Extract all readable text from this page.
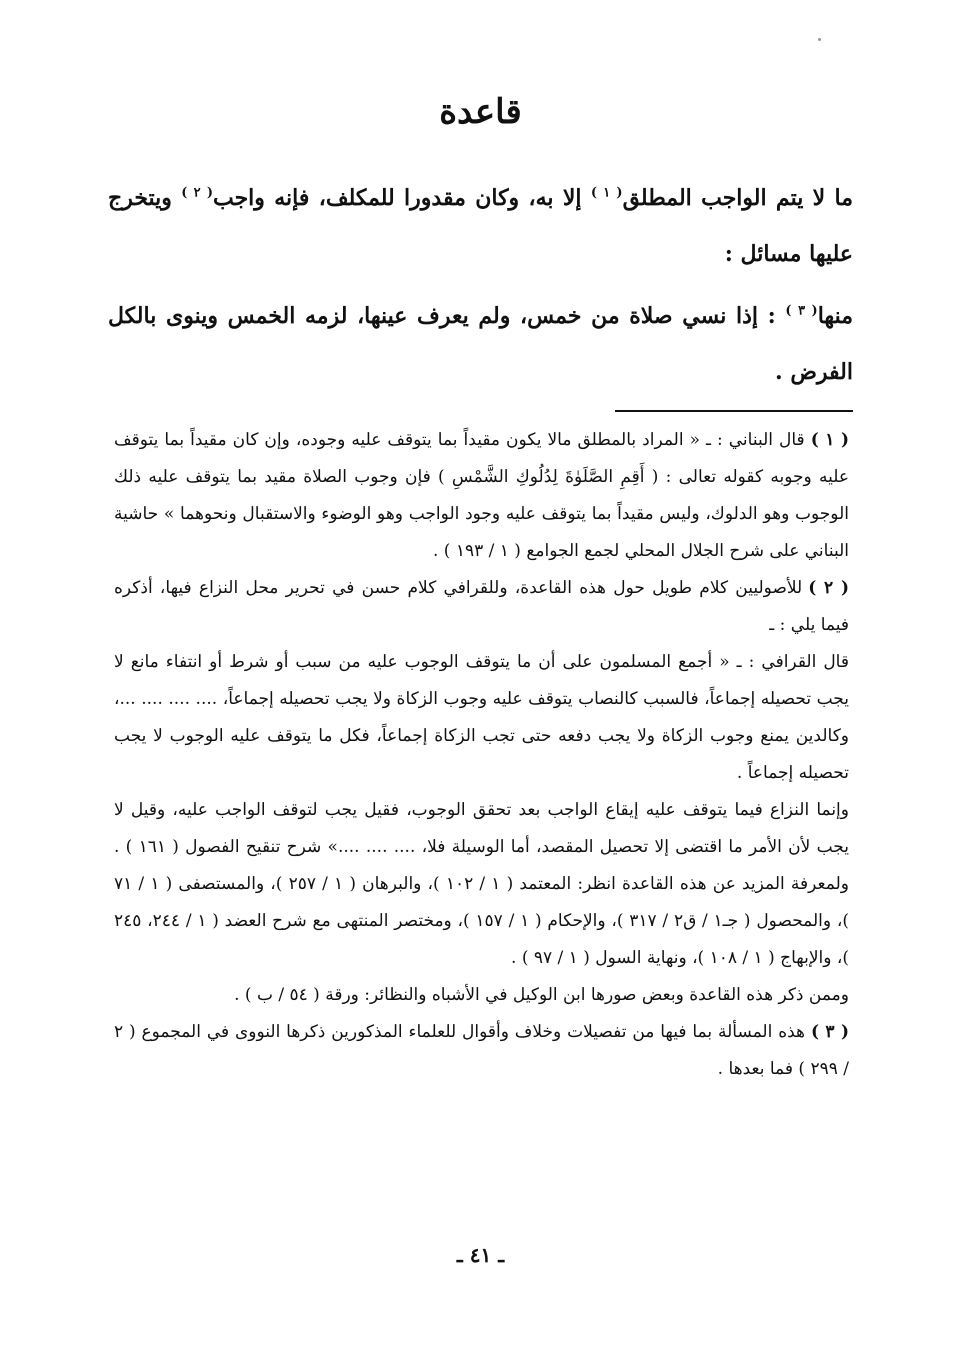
قاعدة

ما لا يتم الواجب المطلق$^{( ١ )}$ إلا به، وكان مقدورا للمكلف، فإنه واجب$^{( ٢ )}$ ويتخرج عليها مسائل :

منها$^{( ٣ )}$ : إذا نسي صلاة من خمس، ولم يعرف عينها، لزمه الخمس وينوى بالكل الفرض .

( ١ )قال البناني : ـ « المراد بالمطلق مالا يكون مقيداً بما يتوقف عليه وجوده، وإن كان مقيداً بما يتوقف عليه وجوبه كقوله تعالى : ( أَقِمِ الصَّلَوٰةَ لِدُلُوكِ الشَّمْسِ ) فإن وجوب الصلاة مقيد بما يتوقف عليه ذلك الوجوب وهو الدلوك، وليس مقيداً بما يتوقف عليه وجود الواجب وهو الوضوء والاستقبال ونحوهما » حاشية البناني على شرح الجلال المحلي لجمع الجوامع ( ١ / ١٩٣ ) .

( ٢ )للأصوليين كلام طويل حول هذه القاعدة، وللقرافي كلام حسن في تحرير محل النزاع فيها، أذكره فيما يلي : ـ

قال القرافي : ـ « أجمع المسلمون على أن ما يتوقف الوجوب عليه من سبب أو شرط أو انتفاء مانع لا يجب تحصيله إجماعاً، فالسبب كالنصاب يتوقف عليه وجوب الزكاة ولا يجب تحصيله إجماعاً، .... .... .... ...، وكالدين يمنع وجوب الزكاة ولا يجب دفعه حتى تجب الزكاة إجماعاً، فكل ما يتوقف عليه الوجوب لا يجب تحصيله إجماعاً .

وإنما النزاع فيما يتوقف عليه إيقاع الواجب بعد تحقق الوجوب، فقيل يجب لتوقف الواجب عليه، وقيل لا يجب لأن الأمر ما اقتضى إلا تحصيل المقصد، أما الوسيلة فلا، .... .... ....» شرح تنقيح الفصول ( ١٦١ ) . ولمعرفة المزيد عن هذه القاعدة انظر: المعتمد ( ١ / ١٠٢ )، والبرهان ( ١ / ٢٥٧ )، والمستصفى ( ١ / ٧١ )، والمحصول ( جـ١ / ق٢ / ٣١٧ )، والإحكام ( ١ / ١٥٧ )، ومختصر المنتهى مع شرح العضد ( ١ / ٢٤٤، ٢٤٥ )، والإبهاج ( ١ / ١٠٨ )، ونهاية السول ( ١ / ٩٧ ) .

وممن ذكر هذه القاعدة وبعض صورها ابن الوكيل في الأشباه والنظائر: ورقة ( ٥٤ / ب ) .

( ٣ )هذه المسألة بما فيها من تفصيلات وخلاف وأقوال للعلماء المذكورين ذكرها النووى في المجموع ( ٢ / ٢٩٩ ) فما بعدها .

ـ ٤١ ـ
